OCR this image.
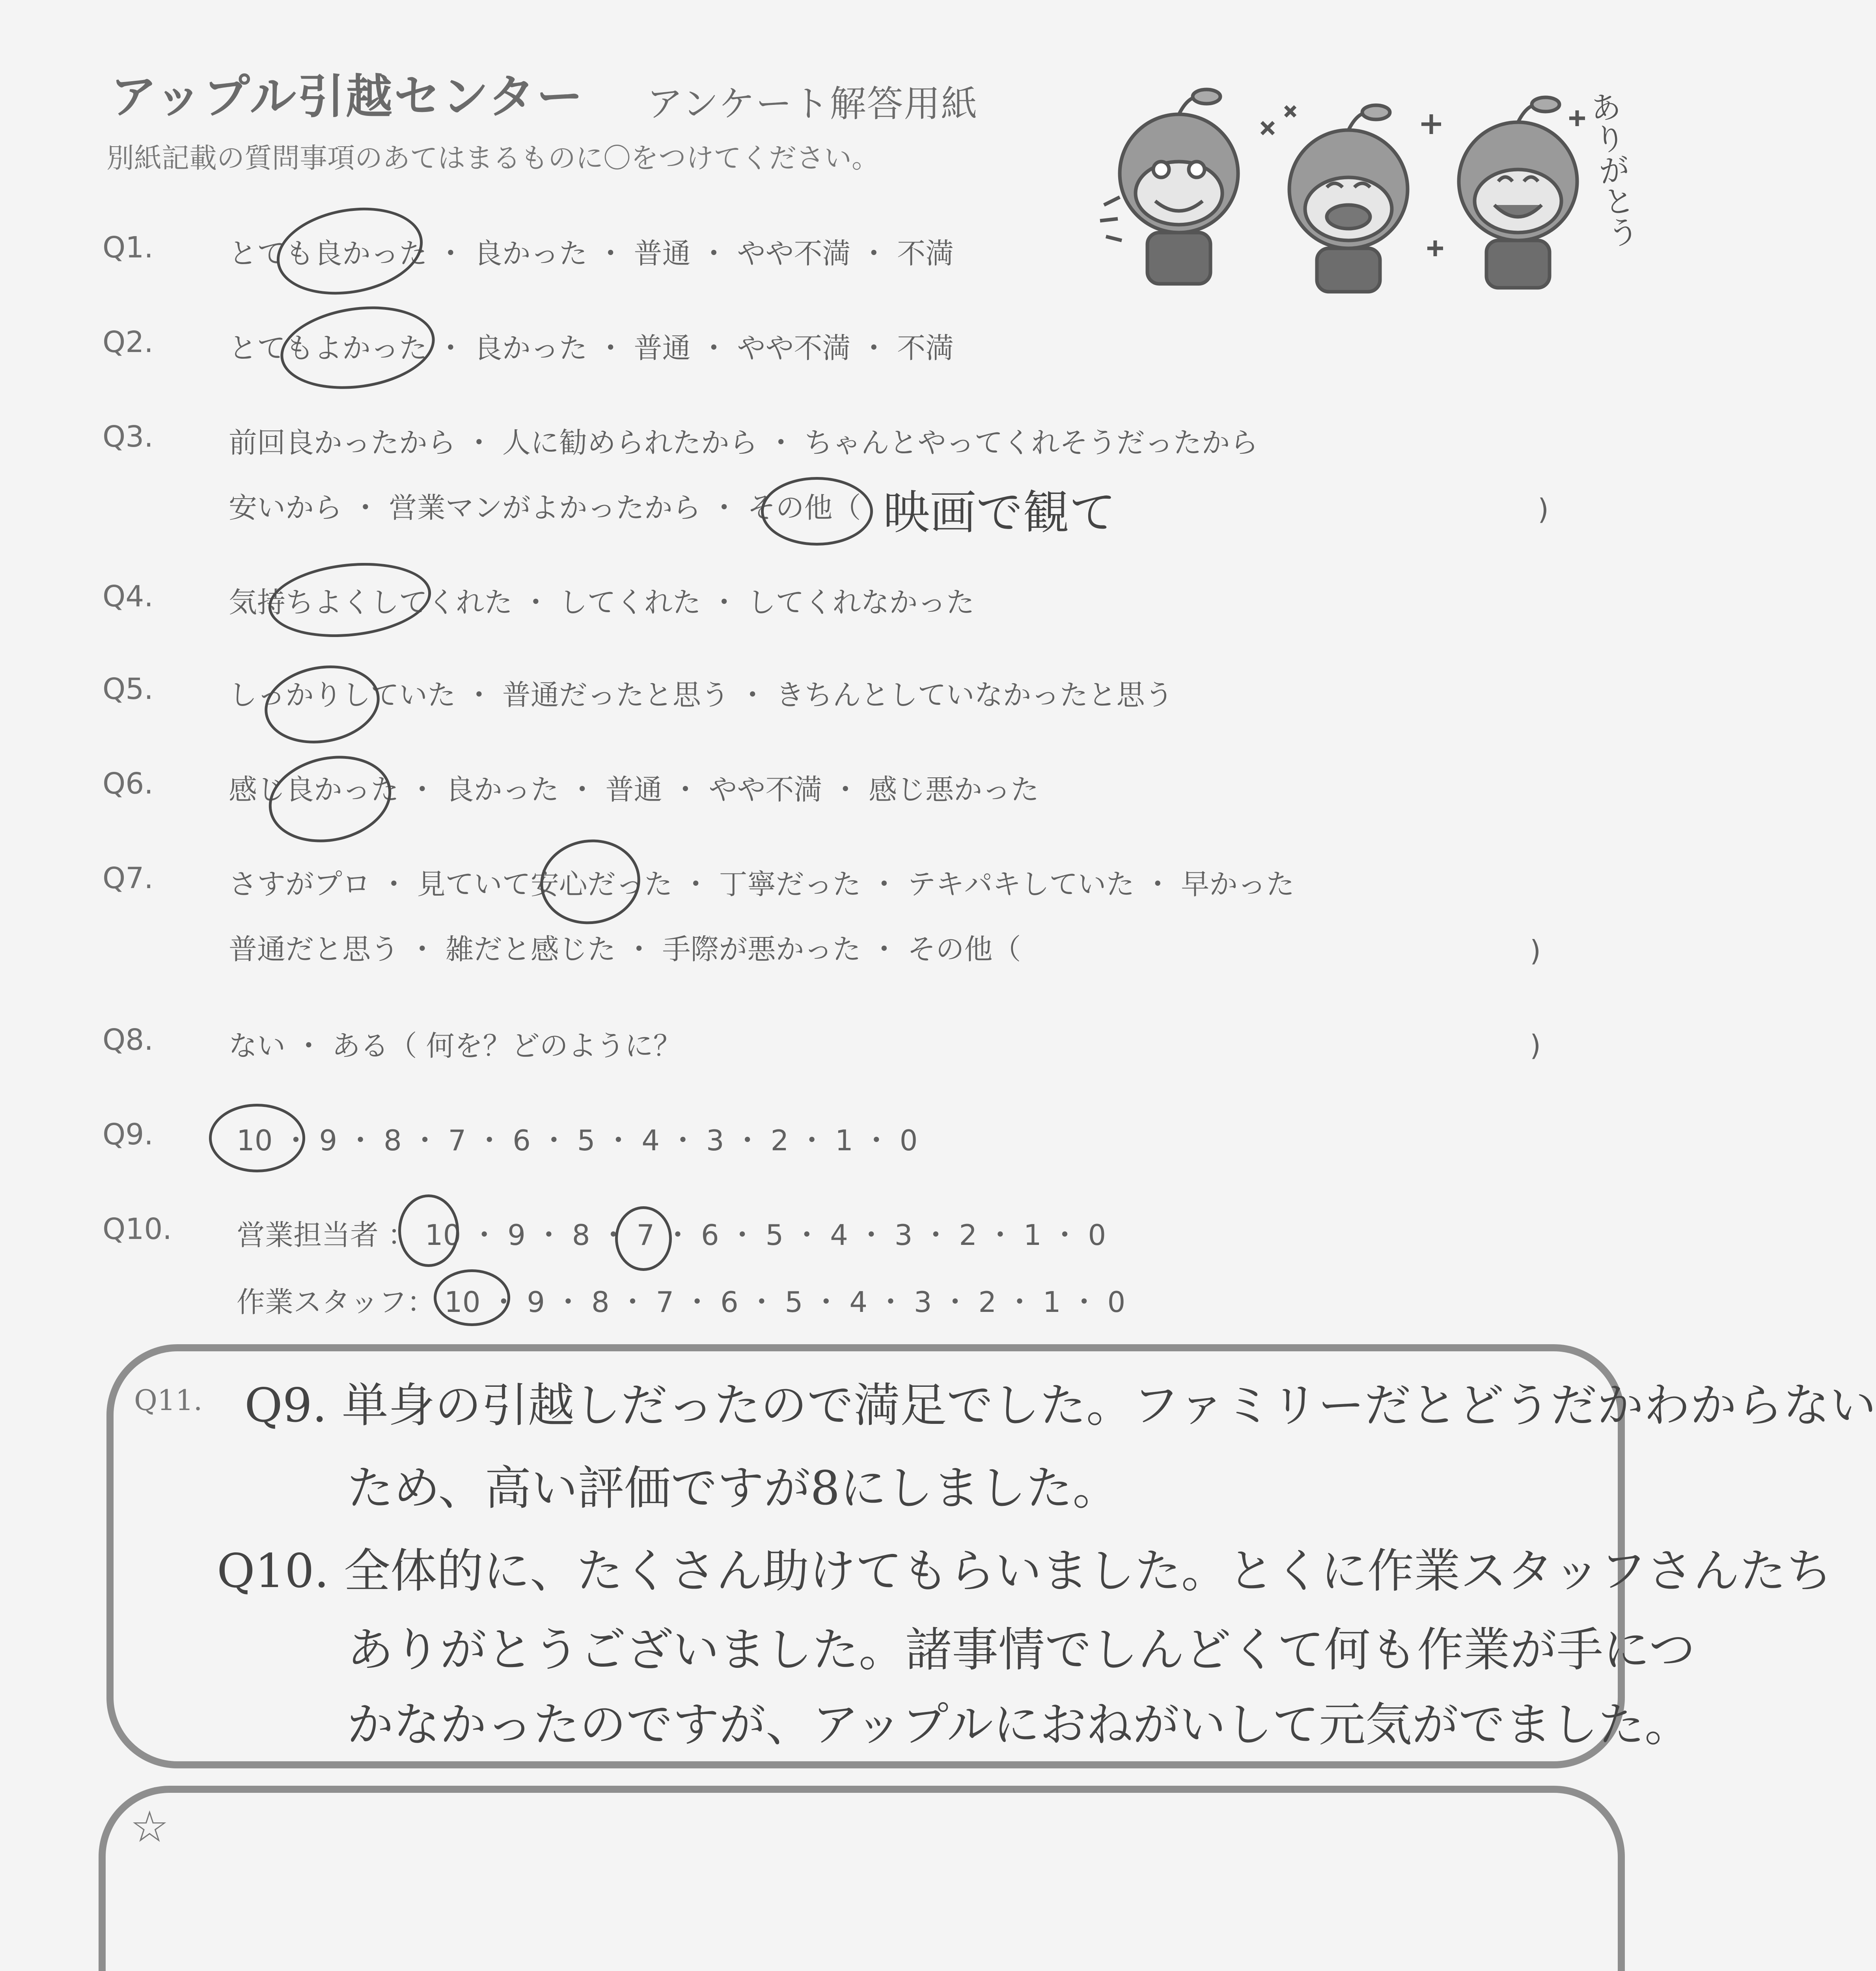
アップル引越センター アンケート解答用紙
別紙記載の質問事項のあてはまるものに〇をつけてください。	ありがとう
Q1.	とても良かった ・ 良かった ・ 普通 ・ やや不満 ・ 不満
Q2.	とてもよかった ・ 良かった ・ 普通 ・ やや不満 ・ 不満
Q3.	前回良かったから ・ 人に勧められたから ・ ちゃんとやってくれそうだったから
安いから ・ 営業マンがよかったから ・ その他（ 映画で観て	)
Q4.	気持ちよくしてくれた ・ してくれた ・ してくれなかった
Q5.	しっかりしていた ・ 普通だったと思う ・ きちんとしていなかったと思う
Q6.	感じ良かった ・ 良かった ・ 普通 ・ やや不満 ・ 感じ悪かった
Q7.	さすがプロ ・ 見ていて安心だった ・ 丁寧だった ・ テキパキしていた ・ 早かった
普通だと思う ・ 雑だと感じた ・ 手際が悪かった ・ その他（	)
Q8.	ない ・ ある（ 何を？どのように？	)
Q9.	10 ・ 9 ・ 8 ・ 7 ・ 6 ・ 5 ・ 4 ・ 3 ・ 2 ・ 1 ・ 0
Q10. 営業担当者 ： 10 ・ 9 ・ 8 ・ 7 ・ 6 ・ 5 ・ 4 ・ 3 ・ 2 ・ 1 ・ 0
作業スタッフ： 10 ・ 9 ・ 8 ・ 7 ・ 6 ・ 5 ・ 4 ・ 3 ・ 2 ・ 1 ・ 0
Q11. Q9. 単身の引越しだったので満足でした。ファミリーだとどうだかわからない
ため、高い評価ですが8にしました。
Q10. 全体的に、たくさん助けてもらいました。とくに作業スタッフさんたち
ありがとうございました。諸事情でしんどくて何も作業が手につ
かなかったのですが、アップルにおねがいして元気がでました。
☆
